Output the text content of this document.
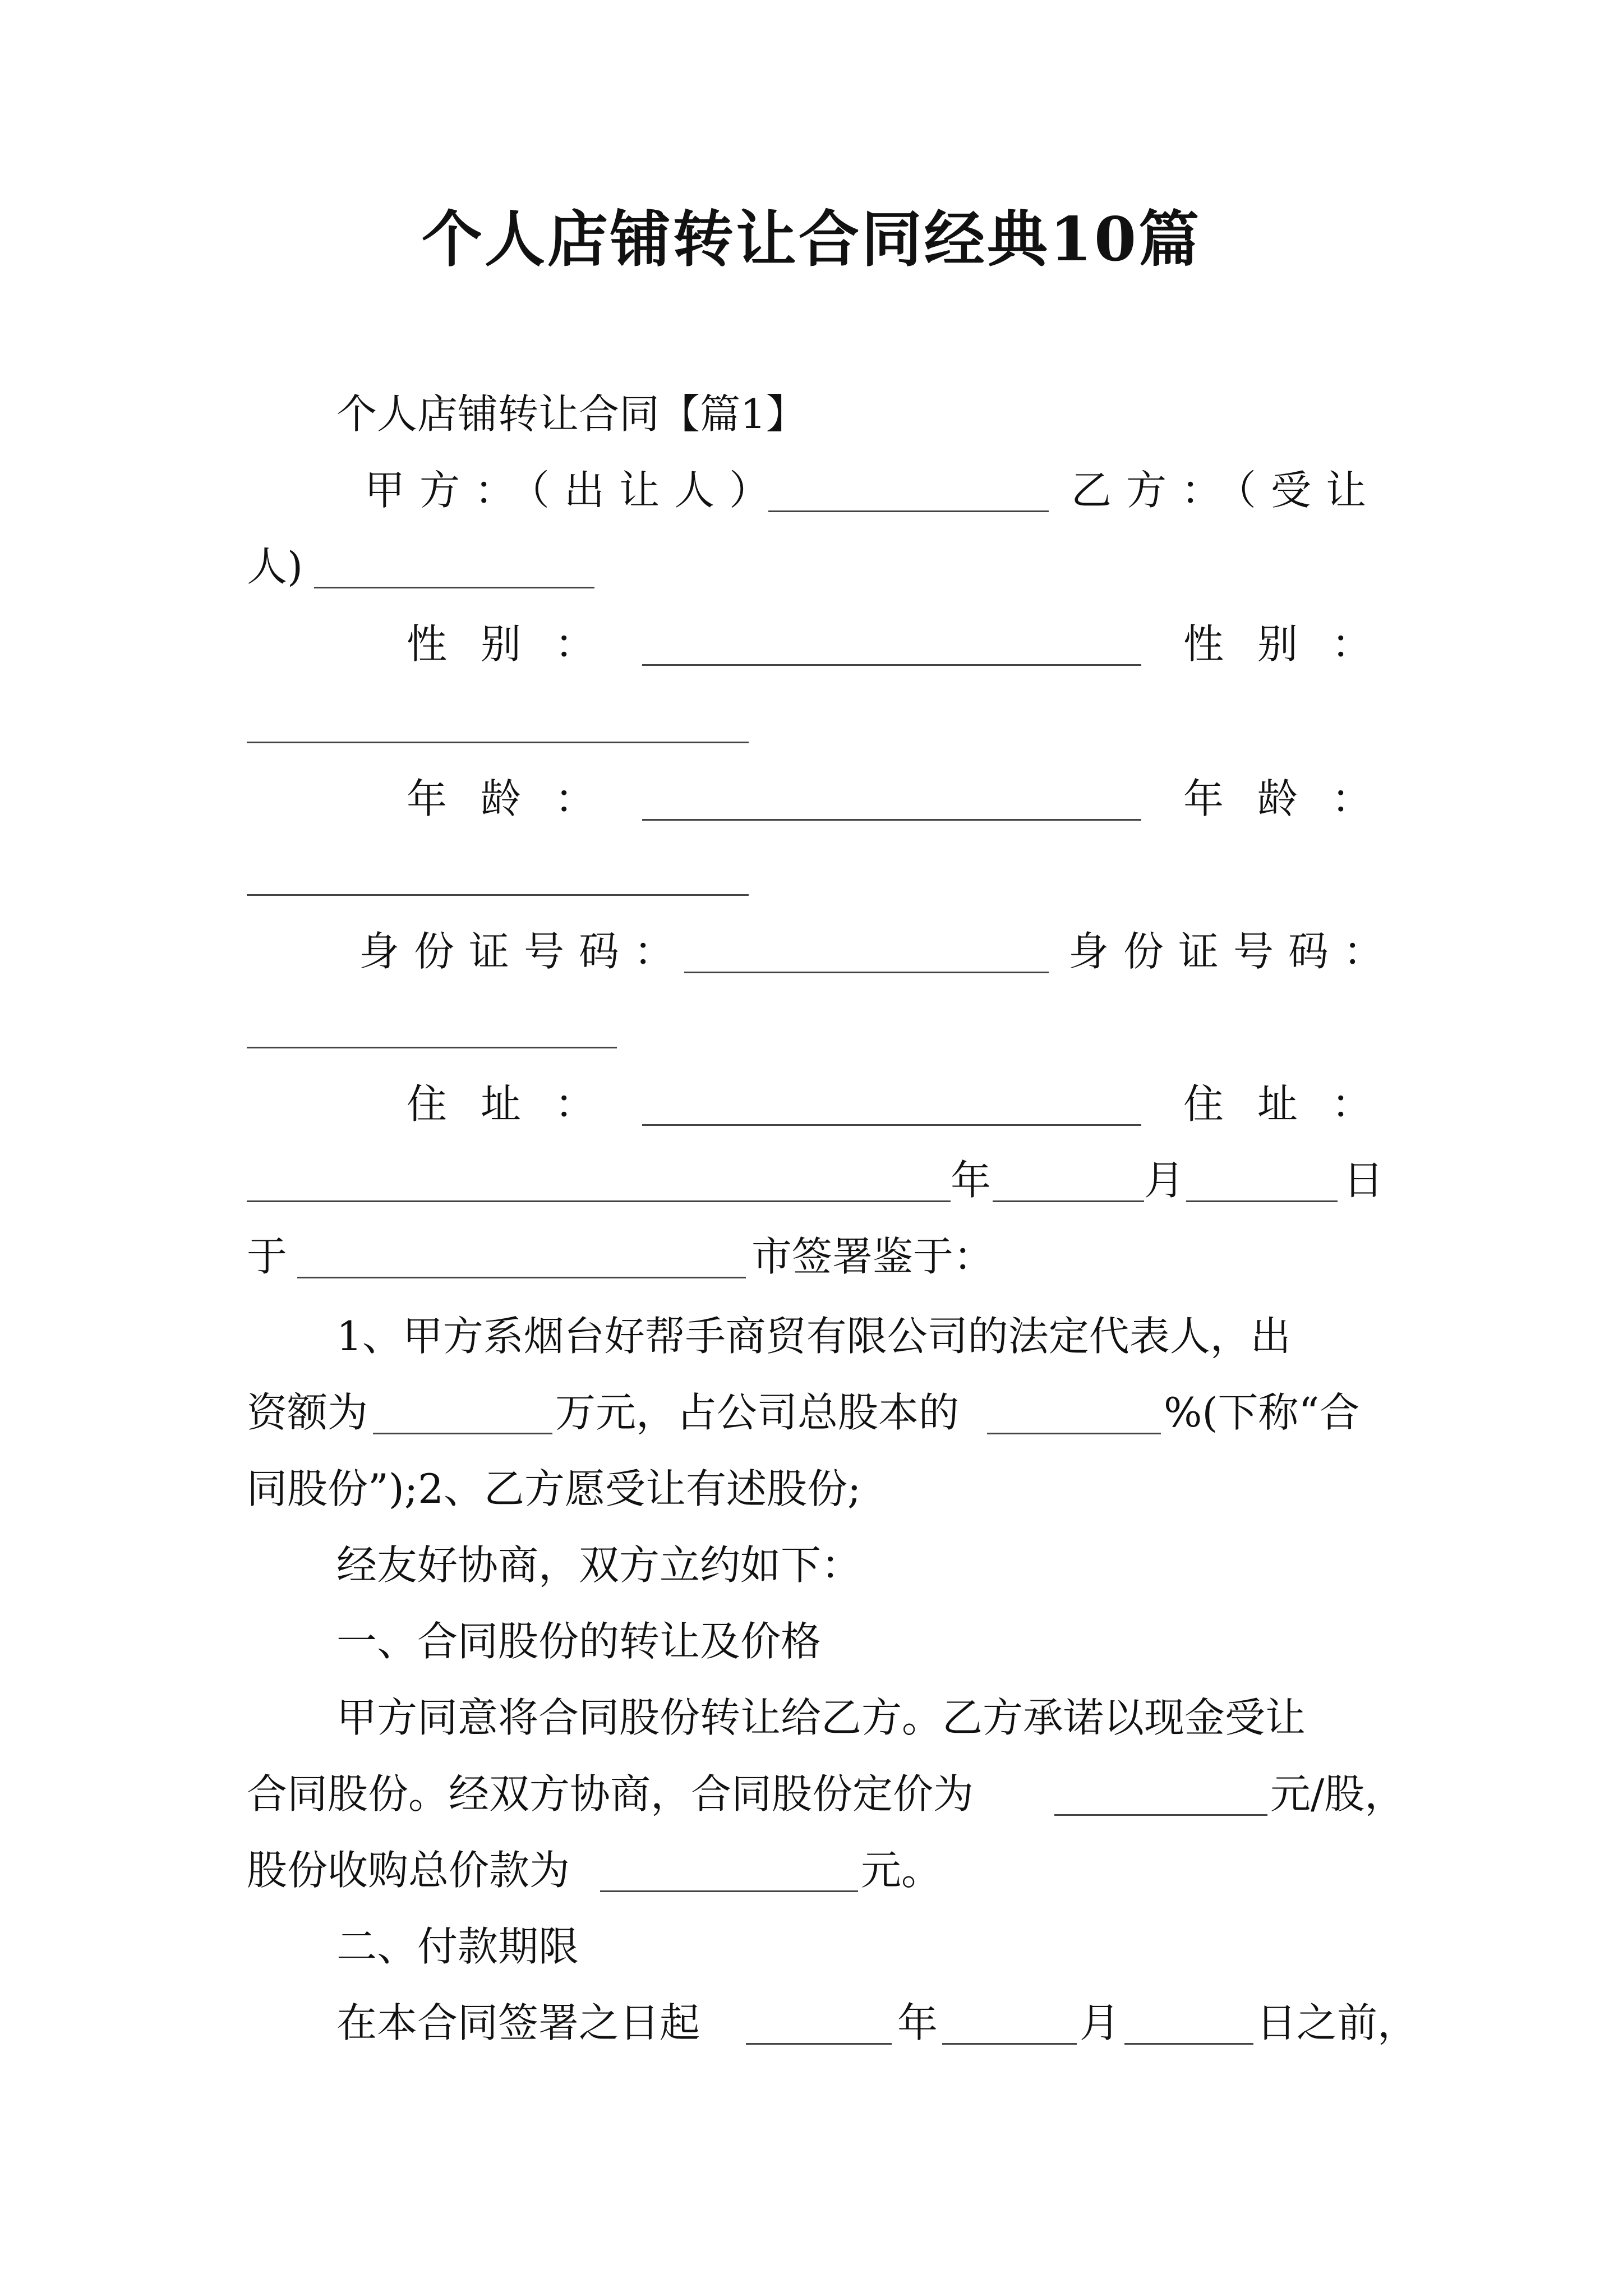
个人店铺转让合同经典10篇
个人店铺转让合同【篇1】
甲方：（出让人）	乙方：（受让
人)
性别：	性别：
年龄：	年龄：
身份证号码：	身份证号码：
住址：	住址：
年	月	日
于	市签署鉴于：
1、甲方系烟台好帮手商贸有限公司的法定代表人，出
资额为	万元，占公司总股本的	%(下称“合
同股份”);2、乙方愿受让有述股份;
经友好协商，双方立约如下：
一、合同股份的转让及价格
甲方同意将合同股份转让给乙方。乙方承诺以现金受让
合同股份。经双方协商，合同股份定价为	元/股，
股份收购总价款为	元。
二、付款期限
在本合同签署之日起	年	月	日之前，
